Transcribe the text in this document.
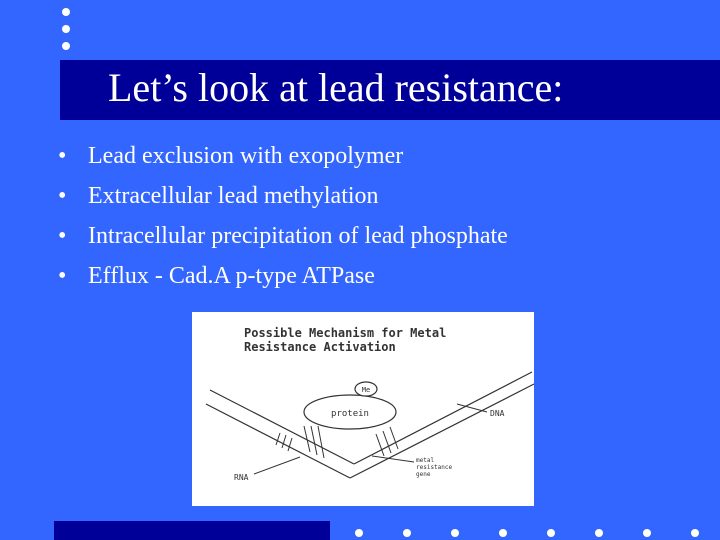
Let’s look at lead resistance:
• Lead exclusion with exopolymer
• Extracellular lead methylation
• Intracellular precipitation of lead phosphate
• Efflux - Cad.A p-type ATPase
Possible Mechanism for Metal
Resistance Activation
protein
Me
DNA
RNA
metal
resistance
gene
